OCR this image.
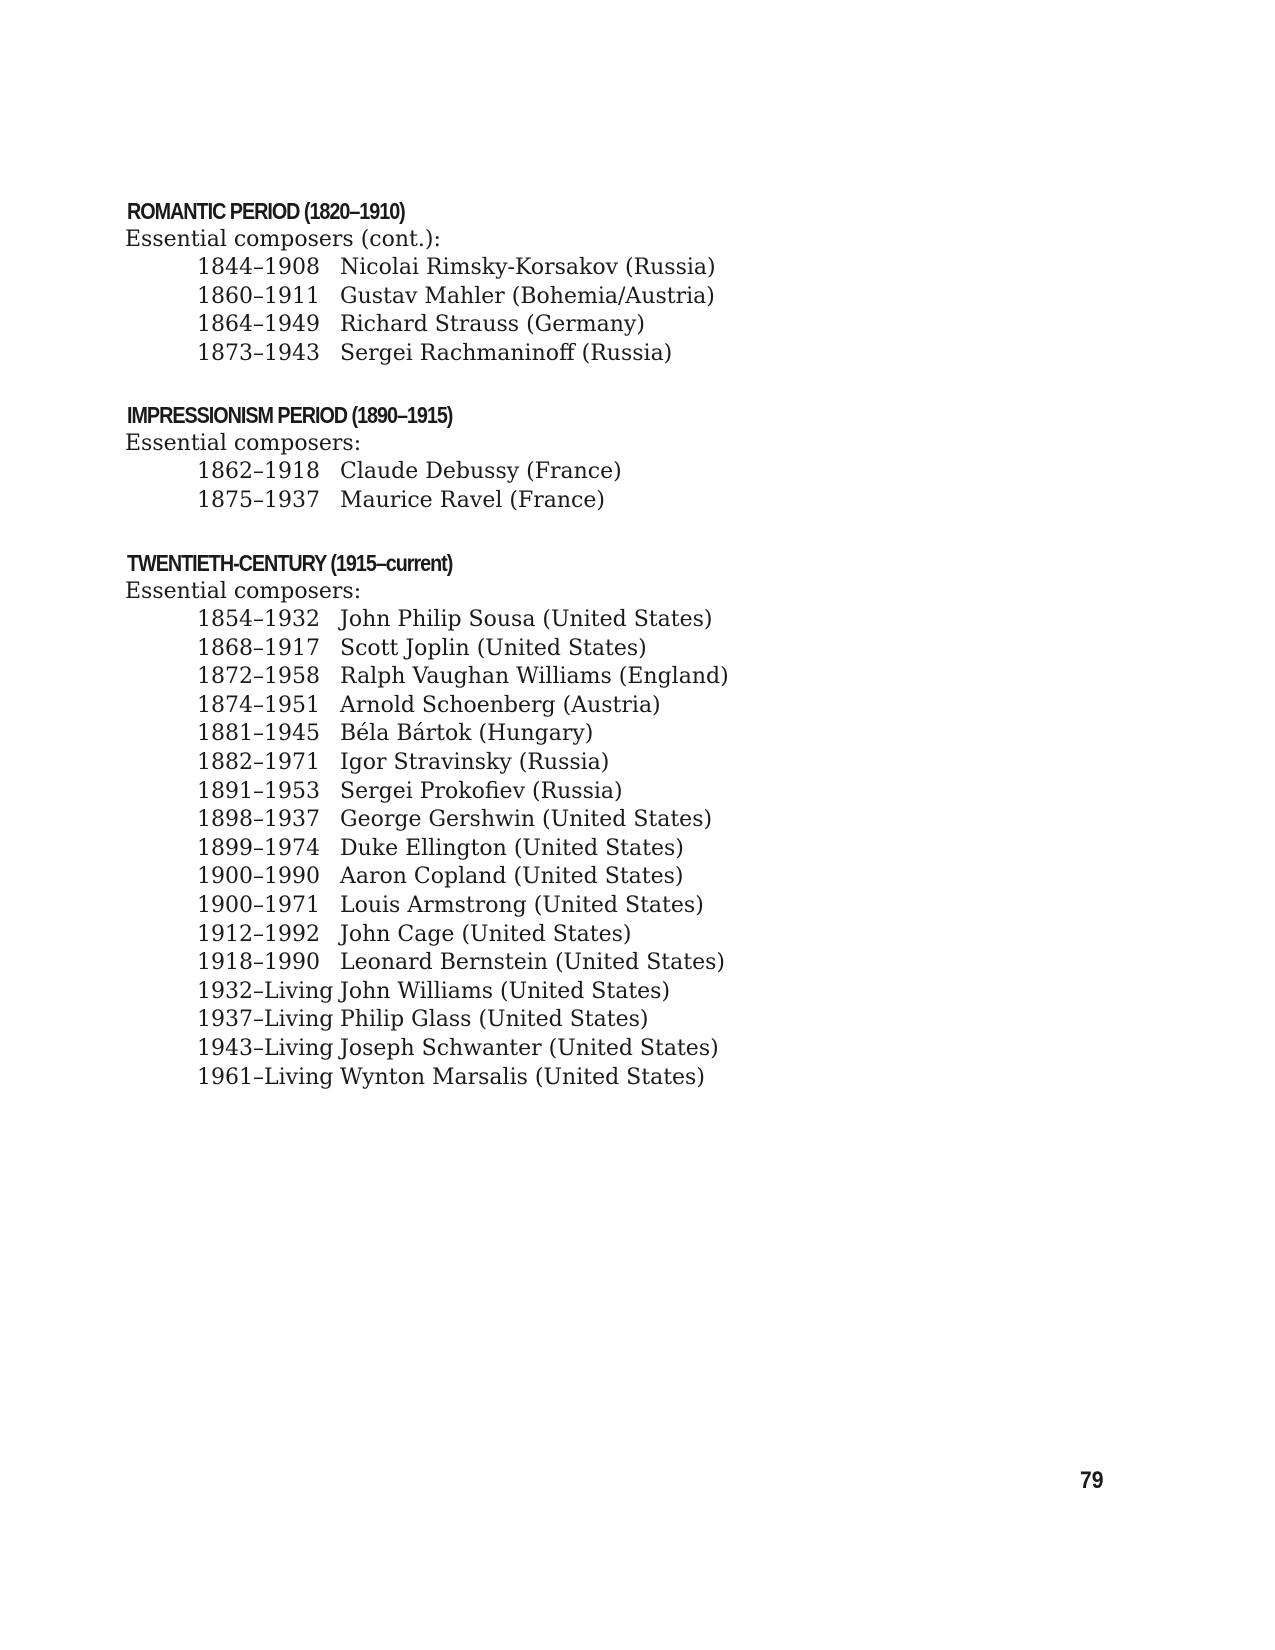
ROMANTIC PERIOD (1820–1910)

Essential composers (cont.):

1844–1908 Nicolai Rimsky-Korsakov (Russia)
1860–1911 Gustav Mahler (Bohemia/Austria)
1864–1949 Richard Strauss (Germany)
1873–1943 Sergei Rachmaninoff (Russia)
IMPRESSIONISM PERIOD (1890–1915)

Essential composers:

1862–1918 Claude Debussy (France)
1875–1937 Maurice Ravel (France)
TWENTIETH-CENTURY (1915–current)

Essential composers:

1854–1932 John Philip Sousa (United States)
1868–1917 Scott Joplin (United States)
1872–1958 Ralph Vaughan Williams (England)
1874–1951 Arnold Schoenberg (Austria)
1881–1945 Béla Bártok (Hungary)
1882–1971 Igor Stravinsky (Russia)
1891–1953 Sergei Prokofiev (Russia)
1898–1937 George Gershwin (United States)
1899–1974 Duke Ellington (United States)
1900–1990 Aaron Copland (United States)
1900–1971 Louis Armstrong (United States)
1912–1992 John Cage (United States)
1918–1990 Leonard Bernstein (United States)
1932–Living John Williams (United States)
1937–Living Philip Glass (United States)
1943–Living Joseph Schwanter (United States)
1961–Living Wynton Marsalis (United States)
79
